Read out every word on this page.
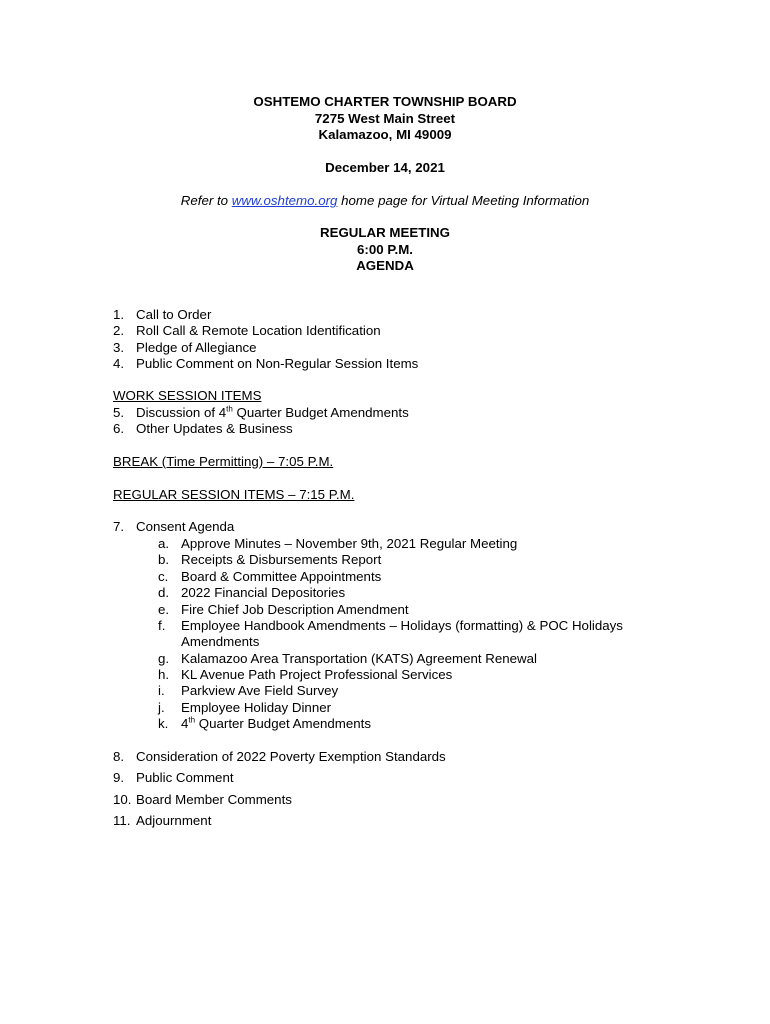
OSHTEMO CHARTER TOWNSHIP BOARD
7275 West Main Street
Kalamazoo, MI 49009
December 14, 2021
Refer to www.oshtemo.org home page for Virtual Meeting Information
REGULAR MEETING
6:00 P.M.
AGENDA
1. Call to Order
2. Roll Call & Remote Location Identification
3. Pledge of Allegiance
4. Public Comment on Non-Regular Session Items
WORK SESSION ITEMS
5. Discussion of 4th Quarter Budget Amendments
6. Other Updates & Business
BREAK (Time Permitting) – 7:05 P.M.
REGULAR SESSION ITEMS – 7:15 P.M.
7. Consent Agenda
a. Approve Minutes – November 9th, 2021 Regular Meeting
b. Receipts & Disbursements Report
c. Board & Committee Appointments
d. 2022 Financial Depositories
e. Fire Chief Job Description Amendment
f. Employee Handbook Amendments – Holidays (formatting) & POC Holidays
Amendments
g. Kalamazoo Area Transportation (KATS) Agreement Renewal
h. KL Avenue Path Project Professional Services
i. Parkview Ave Field Survey
j. Employee Holiday Dinner
k. 4th Quarter Budget Amendments
8. Consideration of 2022 Poverty Exemption Standards
9. Public Comment
10. Board Member Comments
11. Adjournment
